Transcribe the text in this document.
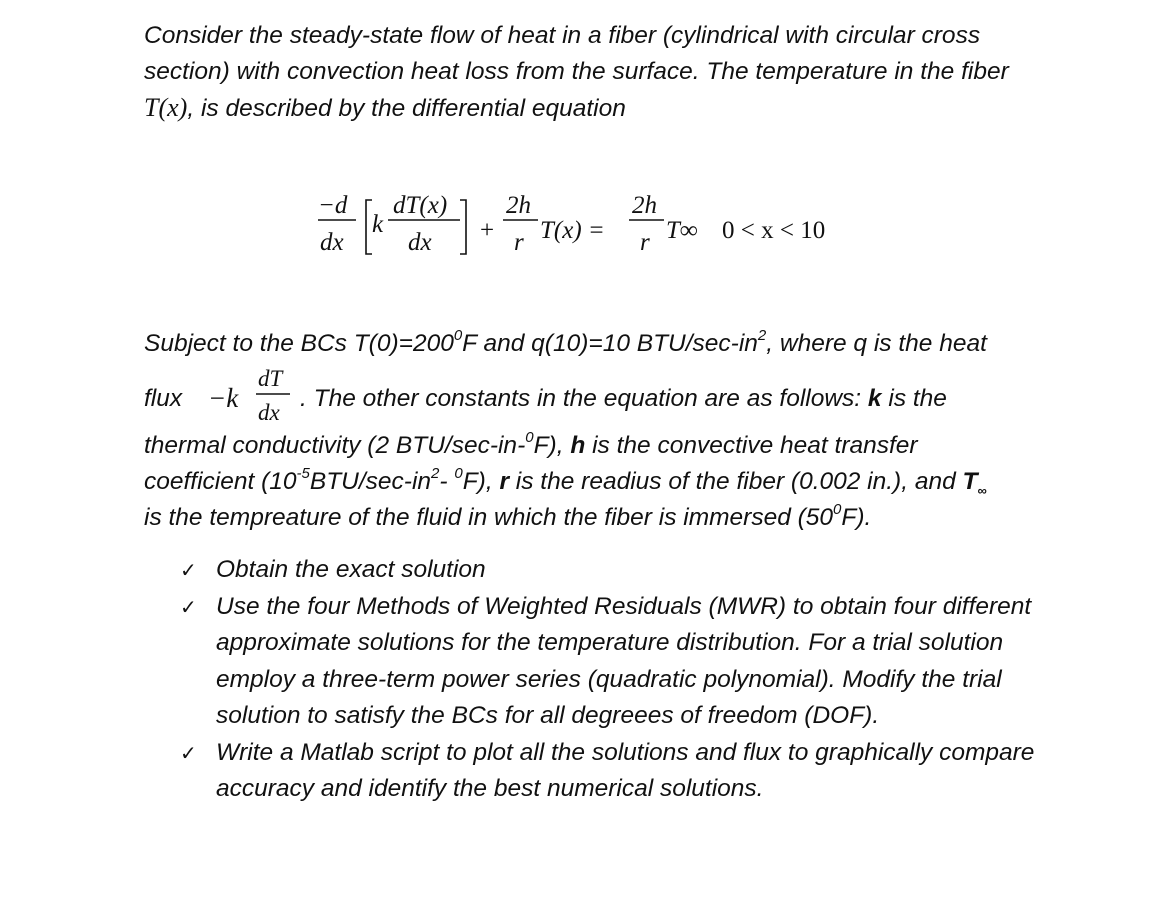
Consider the steady-state flow of heat in a fiber (cylindrical with circular cross section) with convection heat loss from the surface. The temperature in the fiber T(x), is described by the differential equation

−d
dx
k
dT(x)
dx +
2h
r T(x) =
2h
r T∞ 0 < x < 10
Subject to the BCs $T(0)=200^0F$ and q(10)=10 BTU/$\sec-in^2$, where q is the heat
flux −k
dT
dx
. The other constants in the equation are as follows: k is the
thermal conductivity (2 BTU/sec-in-$^0$F), h is the convective heat transfer
coefficient ($10^{-5}BTU/\sec-in^2-$ $^0$F), r is the readius of the fiber (0.002 in.), and $T_\infty$
is the tempreature of the fluid in which the fiber is immersed $(50^0F)$.
✓ Obtain the exact solution
✓ Use the four Methods of Weighted Residuals (MWR) to obtain four different approximate solutions for the temperature distribution. For a trial solution employ a three-term power series (quadratic polynomial). Modify the trial solution to satisfy the BCs for all degreees of freedom (DOF).
✓ Write a Matlab script to plot all the solutions and flux to graphically compare accuracy and identify the best numerical solutions.
